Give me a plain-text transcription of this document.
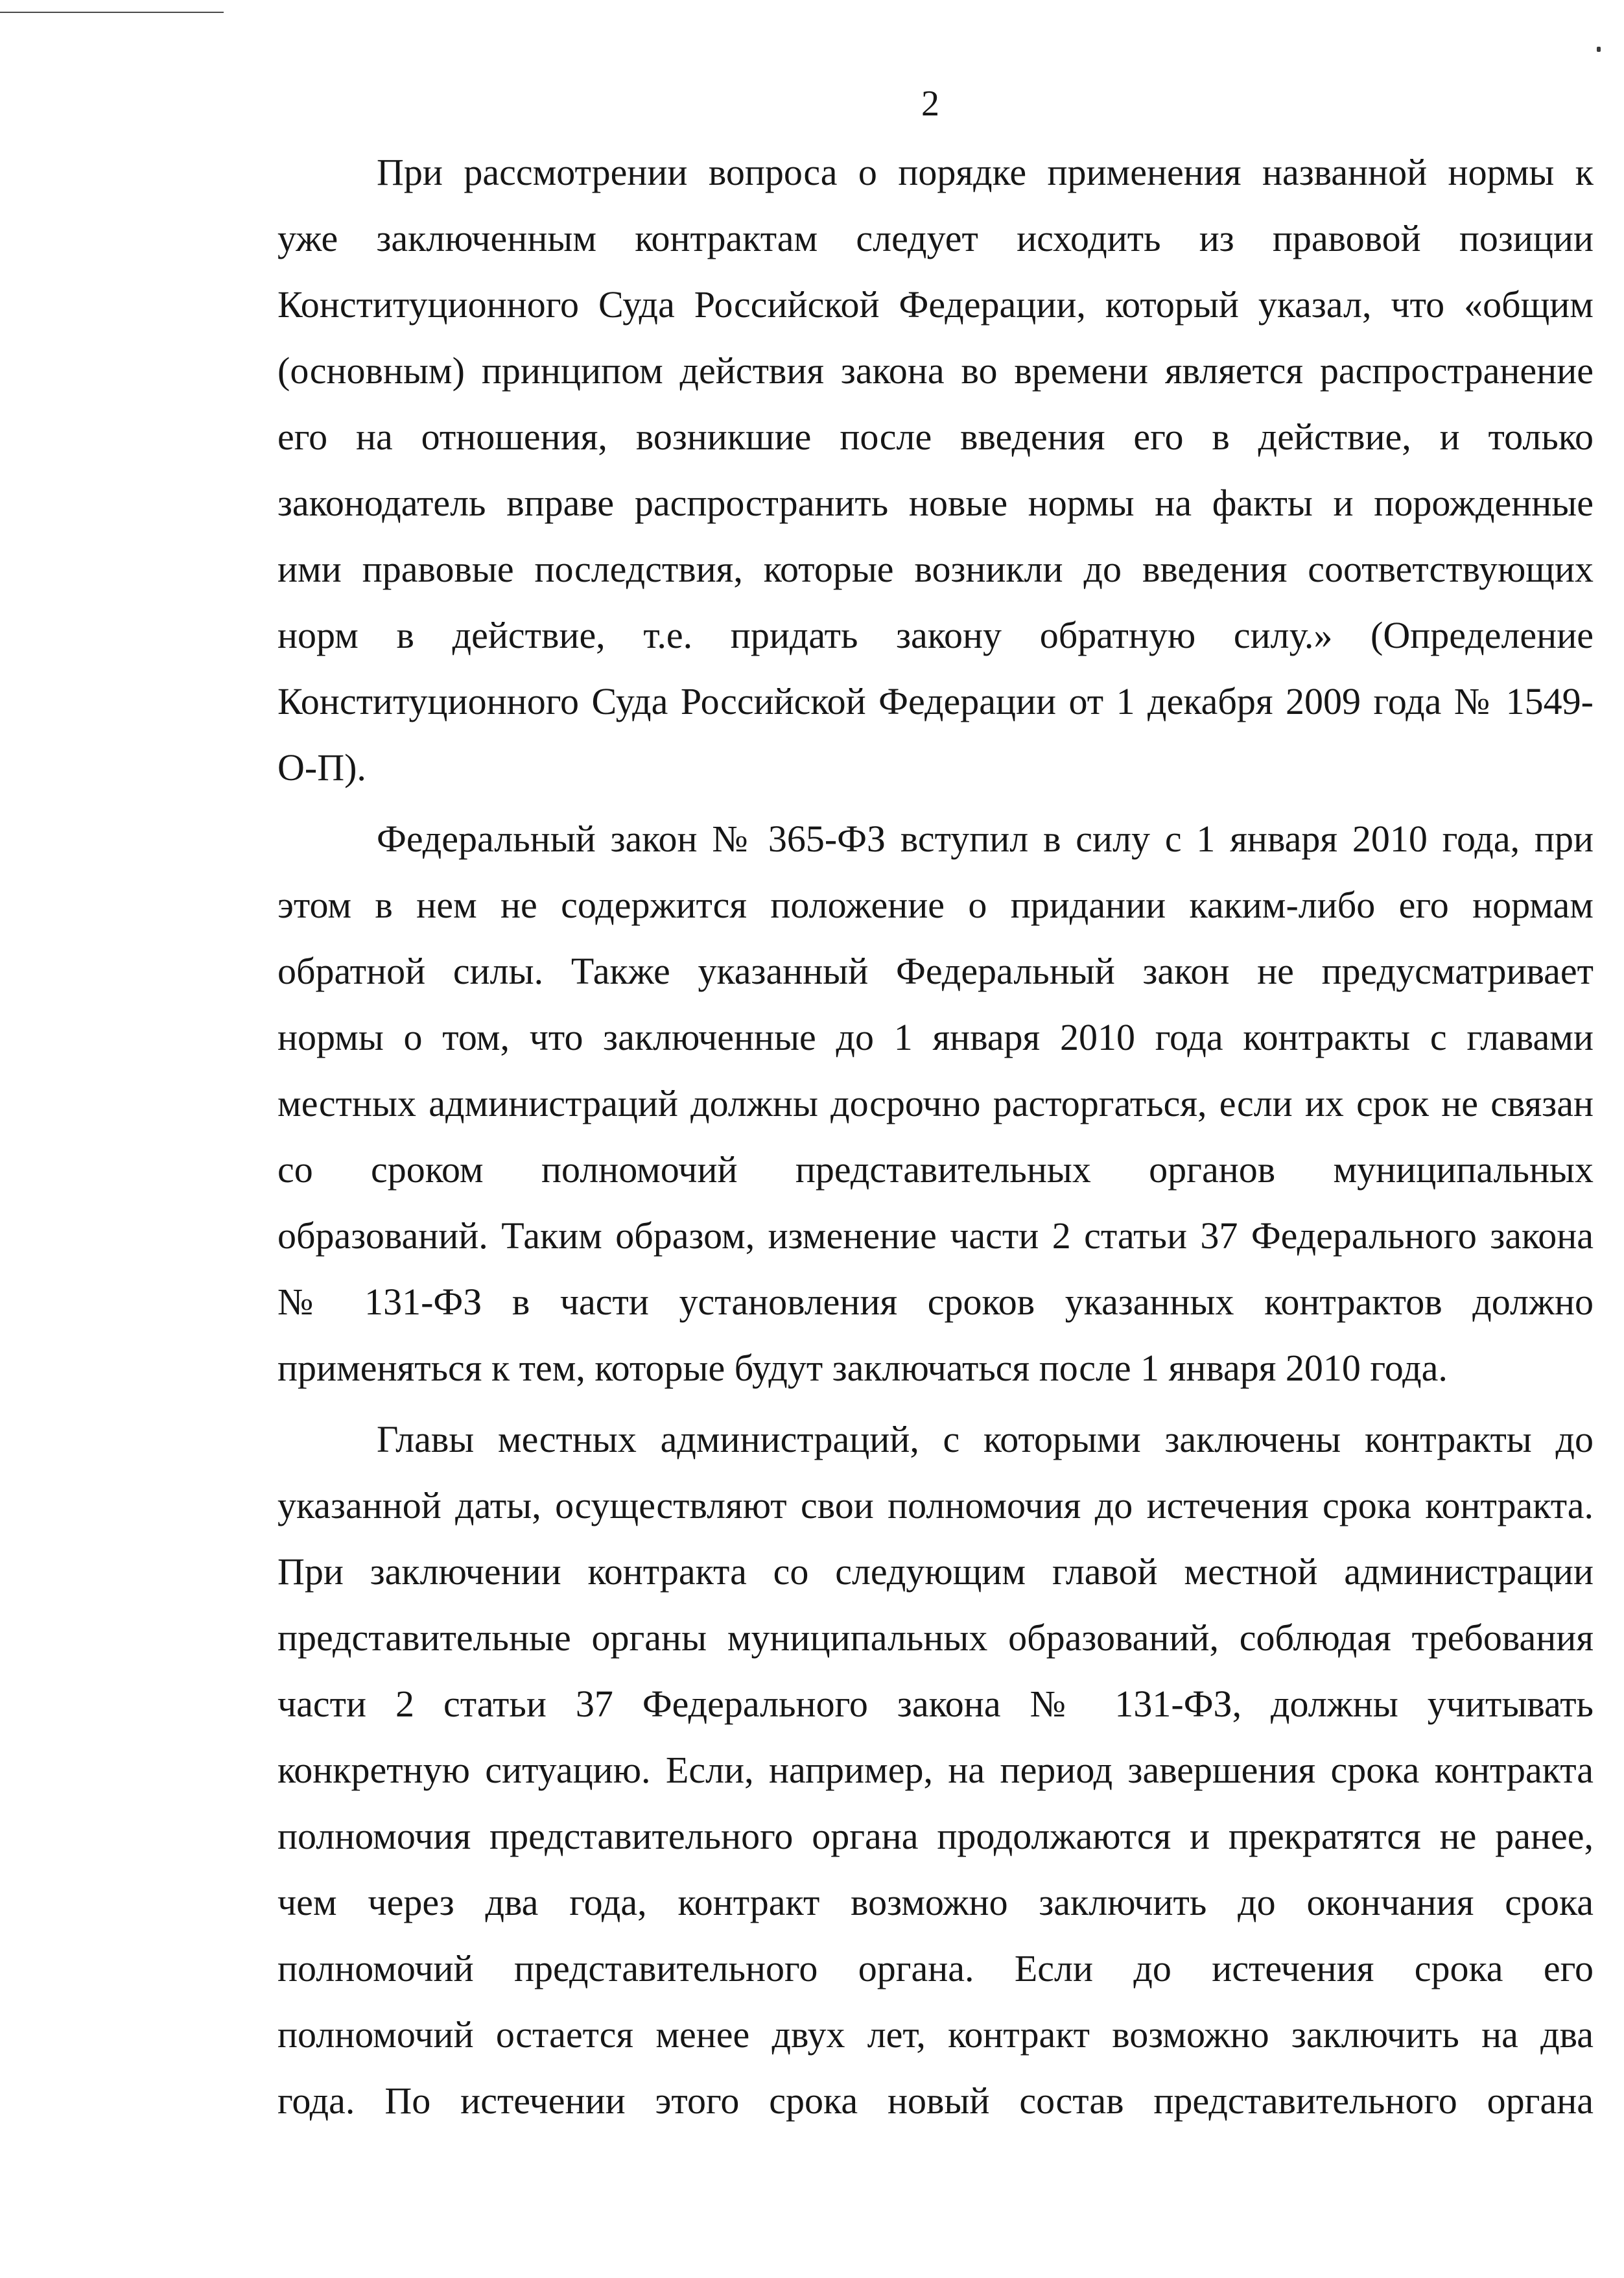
2
При рассмотрении вопроса о порядке применения названной нормы к
уже заключенным контрактам следует исходить из правовой позиции
Конституционного Суда Российской Федерации, который указал, что «общим
(основным) принципом действия закона во времени является распространение
его на отношения, возникшие после введения его в действие, и только
законодатель вправе распространить новые нормы на факты и порожденные
ими правовые последствия, которые возникли до введения соответствующих
норм в действие, т.е. придать закону обратную силу.» (Определение
Конституционного Суда Российской Федерации от 1 декабря 2009 года № 1549-
О-П).
Федеральный закон № 365-ФЗ вступил в силу с 1 января 2010 года, при
этом в нем не содержится положение о придании каким-либо его нормам
обратной силы. Также указанный Федеральный закон не предусматривает
нормы о том, что заключенные до 1 января 2010 года контракты с главами
местных администраций должны досрочно расторгаться, если их срок не связан
со сроком полномочий представительных органов муниципальных
образований. Таким образом, изменение части 2 статьи 37 Федерального закона
№ 131-ФЗ в части установления сроков указанных контрактов должно
применяться к тем, которые будут заключаться после 1 января 2010 года.
Главы местных администраций, с которыми заключены контракты до
указанной даты, осуществляют свои полномочия до истечения срока контракта.
При заключении контракта со следующим главой местной администрации
представительные органы муниципальных образований, соблюдая требования
части 2 статьи 37 Федерального закона № 131-ФЗ, должны учитывать
конкретную ситуацию. Если, например, на период завершения срока контракта
полномочия представительного органа продолжаются и прекратятся не ранее,
чем через два года, контракт возможно заключить до окончания срока
полномочий представительного органа. Если до истечения срока его
полномочий остается менее двух лет, контракт возможно заключить на два
года. По истечении этого срока новый состав представительного органа
